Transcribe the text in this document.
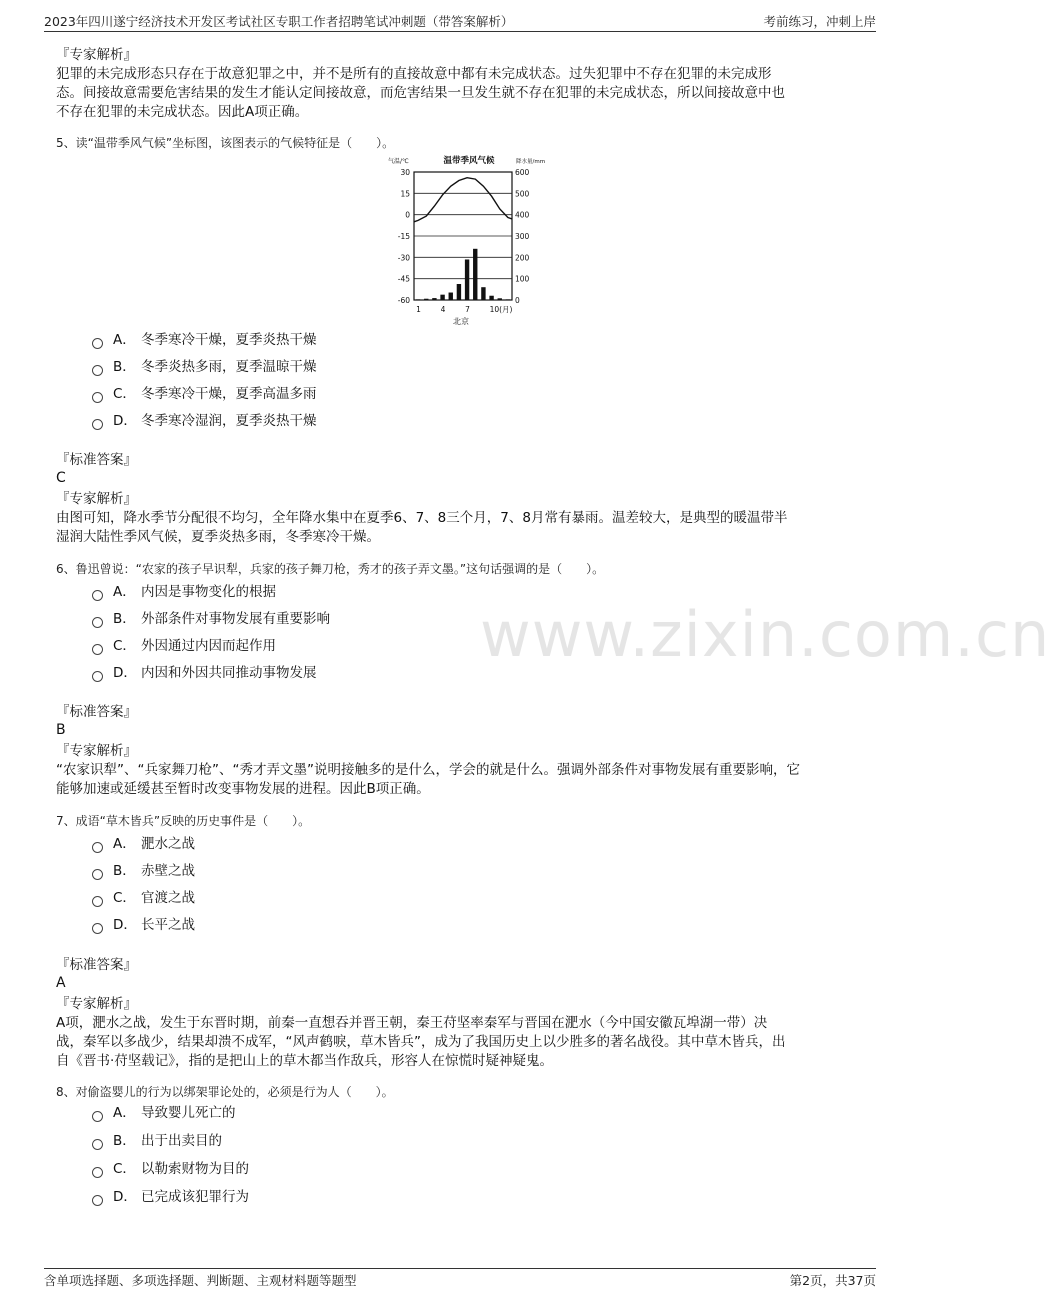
2023年四川遂宁经济技术开发区考试社区专职工作者招聘笔试冲刺题（带答案解析）	考前练习，冲刺上岸
www.zixin.com.cn
『专家解析』
犯罪的未完成形态只存在于故意犯罪之中，并不是所有的直接故意中都有未完成状态。过失犯罪中不存在犯罪的未完成形
态。间接故意需要危害结果的发生才能认定间接故意，而危害结果一旦发生就不存在犯罪的未完成状态，所以间接故意中也
不存在犯罪的未完成状态。因此A项正确。
5、读“温带季风气候”坐标图，该图表示的气候特征是（　　）。
温带季风气候
气温/℃	降水量/mm
30
15
0
-15
-30
-45
-60
600
500
400
300
200
100
0
1	4	7	10(月)
北京
A． 冬季寒冷干燥，夏季炎热干燥
B． 冬季炎热多雨，夏季温晾干燥
C． 冬季寒冷干燥，夏季高温多雨
D． 冬季寒冷湿润，夏季炎热干燥
『标准答案』
C
『专家解析』
由图可知，降水季节分配很不均匀，全年降水集中在夏季6、7、8三个月，7、8月常有暴雨。温差较大，是典型的暖温带半
湿润大陆性季风气候，夏季炎热多雨，冬季寒冷干燥。
6、鲁迅曾说：“农家的孩子早识犁，兵家的孩子舞刀枪，秀才的孩子弄文墨。”这句话强调的是（　　）。
A． 内因是事物变化的根据
B． 外部条件对事物发展有重要影响
C． 外因通过内因而起作用
D． 内因和外因共同推动事物发展
『标准答案』
B
『专家解析』
“农家识犁”、“兵家舞刀枪”、“秀才弄文墨”说明接触多的是什么，学会的就是什么。强调外部条件对事物发展有重要影响，它
能够加速或延缓甚至暂时改变事物发展的进程。因此B项正确。
7、成语“草木皆兵”反映的历史事件是（　　）。
A． 淝水之战
B． 赤壁之战
C． 官渡之战
D． 长平之战
『标准答案』
A
『专家解析』
A项，淝水之战，发生于东晋时期，前秦一直想吞并晋王朝，秦王苻坚率秦军与晋国在淝水（今中国安徽瓦埠湖一带）决
战，秦军以多战少，结果却溃不成军，“风声鹤唳，草木皆兵”，成为了我国历史上以少胜多的著名战役。其中草木皆兵，出
自《晋书·苻坚载记》，指的是把山上的草木都当作敌兵，形容人在惊慌时疑神疑鬼。
8、对偷盗婴儿的行为以绑架罪论处的，必须是行为人（　　）。
A． 导致婴儿死亡的
B． 出于出卖目的
C． 以勒索财物为目的
D． 已完成该犯罪行为
含单项选择题、多项选择题、判断题、主观材料题等题型	第2页，共37页
